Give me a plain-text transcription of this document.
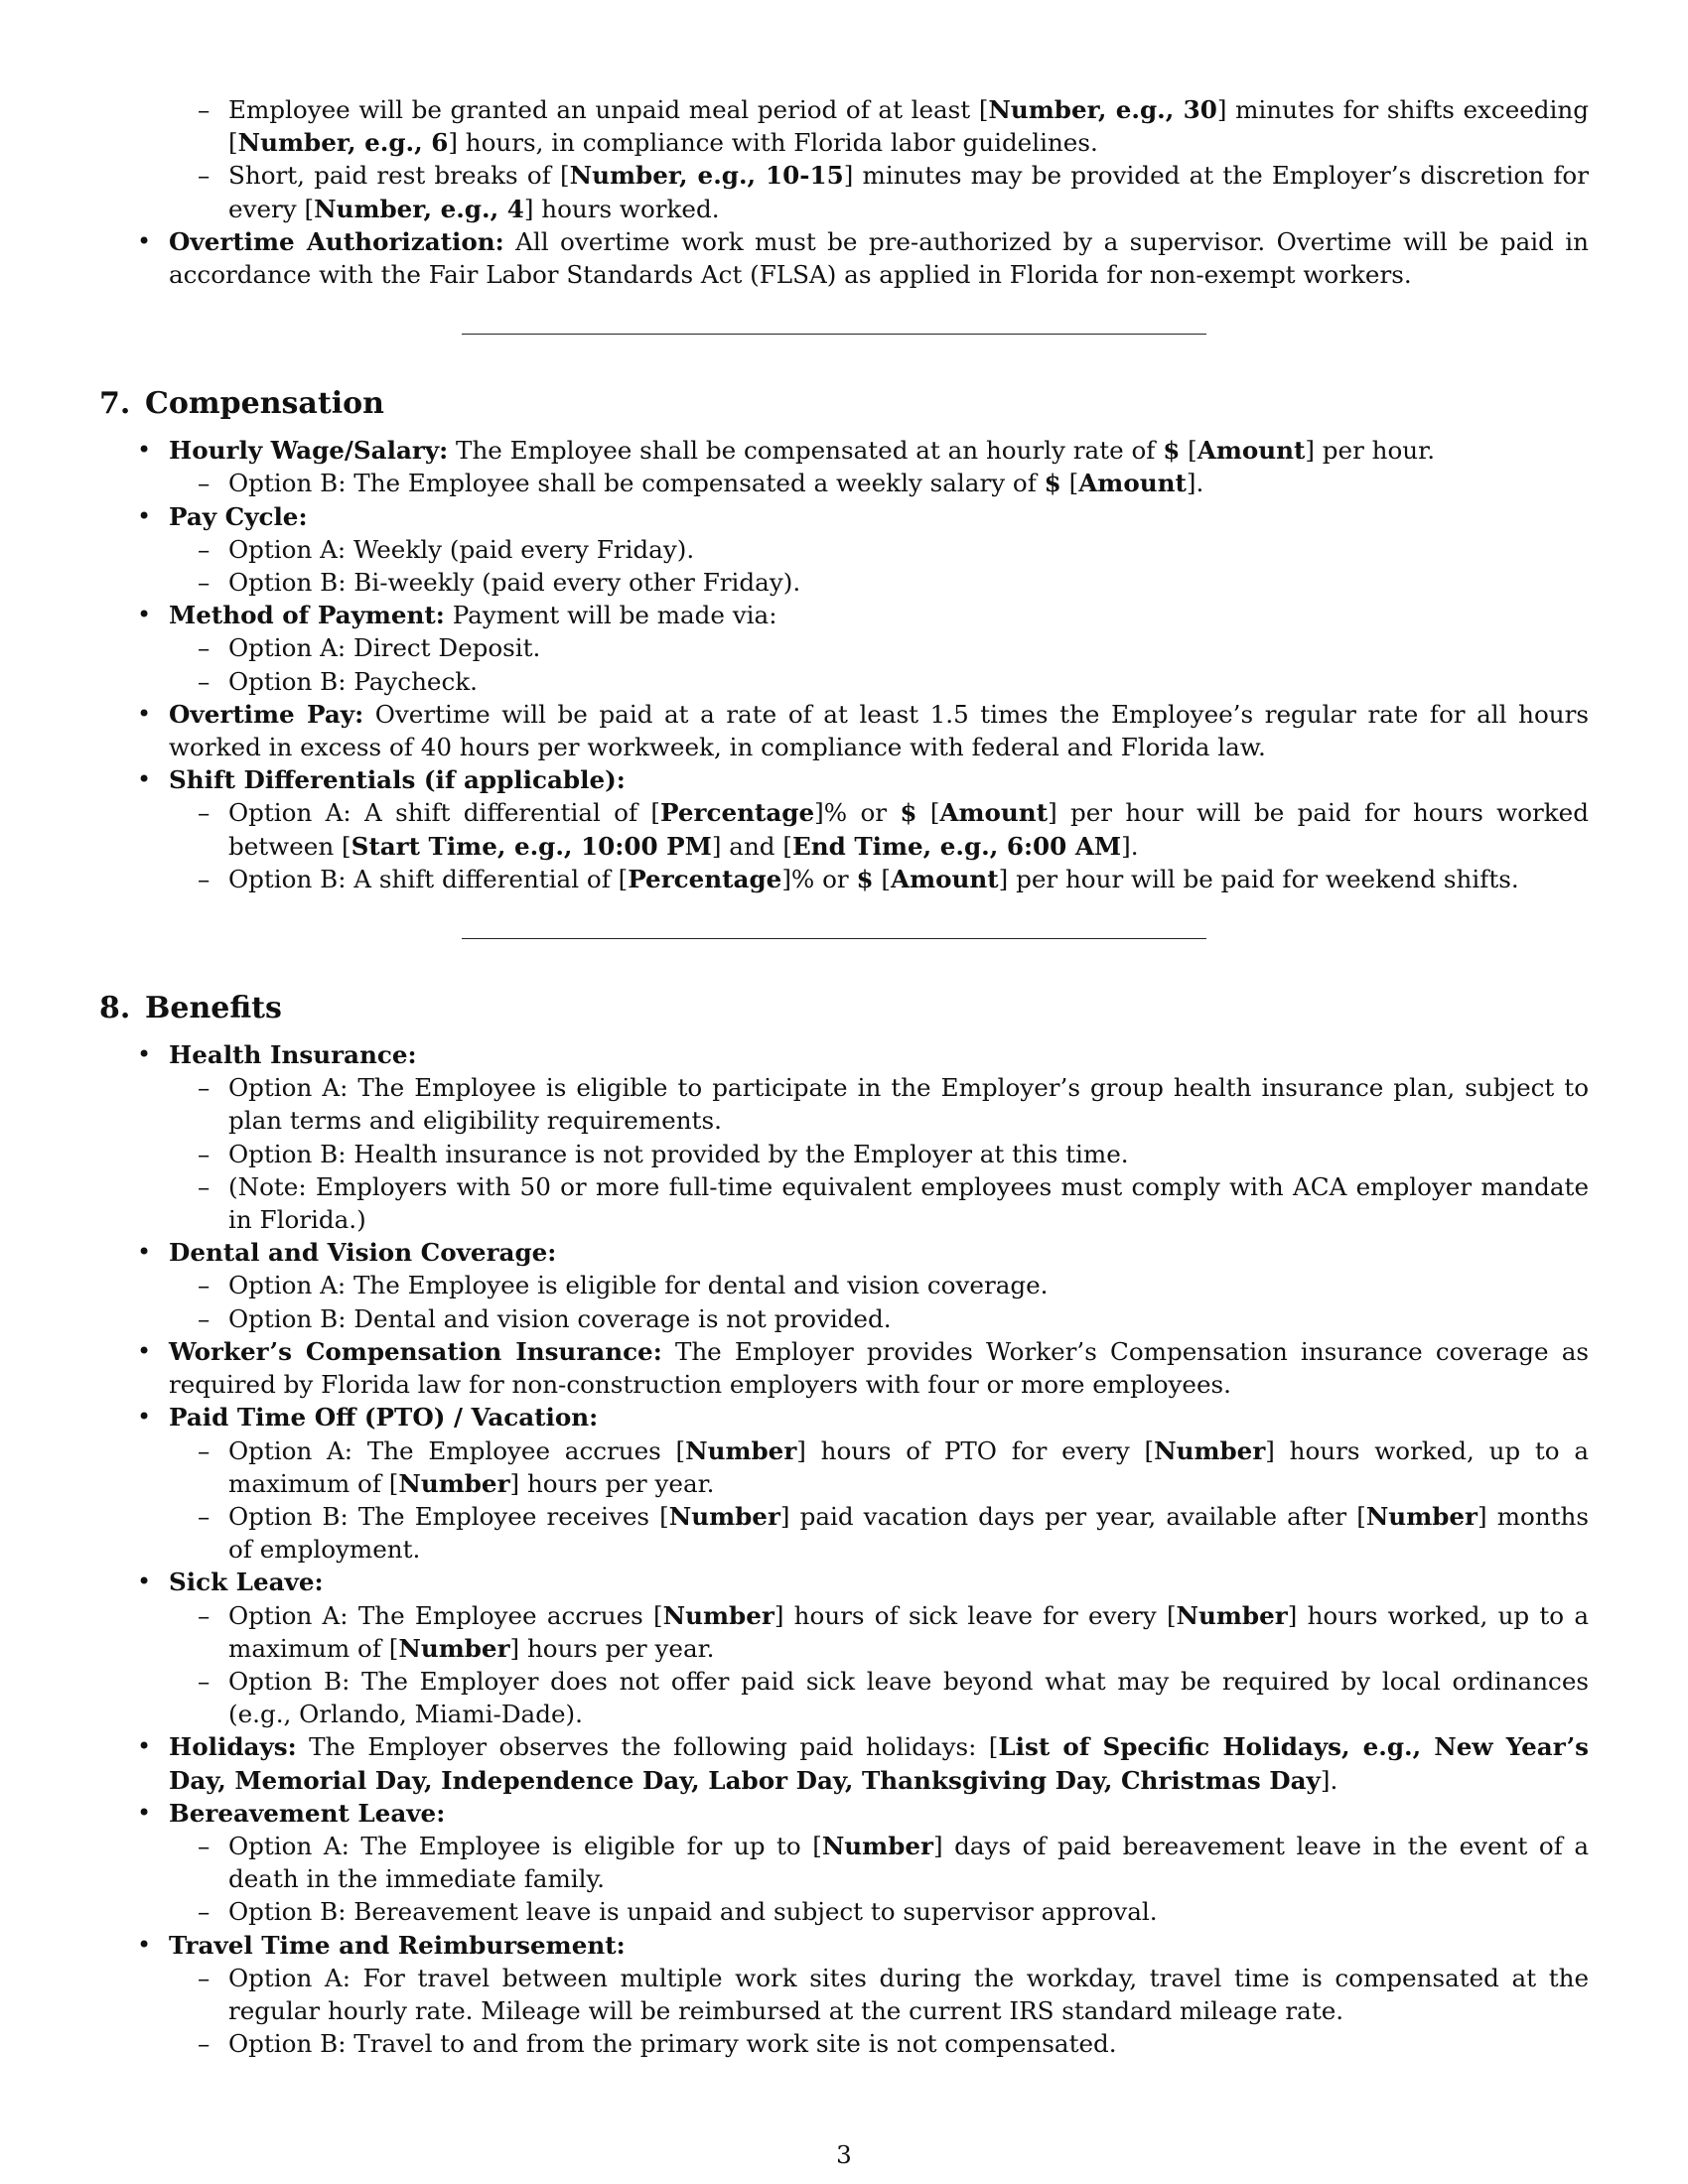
– Employee will be granted an unpaid meal period of at least [Number, e.g., 30] minutes for shifts exceeding [Number, e.g., 6] hours, in compliance with Florida labor guidelines.
– Short, paid rest breaks of [Number, e.g., 10-15] minutes may be provided at the Employer’s discretion for every [Number, e.g., 4] hours worked.
• Overtime Authorization: All overtime work must be pre-authorized by a supervisor. Overtime will be paid in accordance with the Fair Labor Standards Act (FLSA) as applied in Florida for non-exempt workers.
7. Compensation
• Hourly Wage/Salary: The Employee shall be compensated at an hourly rate of $ [Amount] per hour.
– Option B: The Employee shall be compensated a weekly salary of $ [Amount].
• Pay Cycle:
– Option A: Weekly (paid every Friday).
– Option B: Bi-weekly (paid every other Friday).
• Method of Payment: Payment will be made via:
– Option A: Direct Deposit.
– Option B: Paycheck.
• Overtime Pay: Overtime will be paid at a rate of at least 1.5 times the Employee’s regular rate for all hours worked in excess of 40 hours per workweek, in compliance with federal and Florida law.
• Shift Differentials (if applicable):
– Option A: A shift differential of [Percentage]% or $ [Amount] per hour will be paid for hours worked between [Start Time, e.g., 10:00 PM] and [End Time, e.g., 6:00 AM].
– Option B: A shift differential of [Percentage]% or $ [Amount] per hour will be paid for weekend shifts.
8. Benefits
• Health Insurance:
– Option A: The Employee is eligible to participate in the Employer’s group health insurance plan, subject to plan terms and eligibility requirements.
– Option B: Health insurance is not provided by the Employer at this time.
– (Note: Employers with 50 or more full-time equivalent employees must comply with ACA employer mandate in Florida.)
• Dental and Vision Coverage:
– Option A: The Employee is eligible for dental and vision coverage.
– Option B: Dental and vision coverage is not provided.
• Worker’s Compensation Insurance: The Employer provides Worker’s Compensation insurance coverage as required by Florida law for non-construction employers with four or more employees.
• Paid Time Off (PTO) / Vacation:
– Option A: The Employee accrues [Number] hours of PTO for every [Number] hours worked, up to a maximum of [Number] hours per year.
– Option B: The Employee receives [Number] paid vacation days per year, available after [Number] months of employment.
• Sick Leave:
– Option A: The Employee accrues [Number] hours of sick leave for every [Number] hours worked, up to a maximum of [Number] hours per year.
– Option B: The Employer does not offer paid sick leave beyond what may be required by local ordinances (e.g., Orlando, Miami-Dade).
• Holidays: The Employer observes the following paid holidays: [List of Specific Holidays, e.g., New Year’s Day, Memorial Day, Independence Day, Labor Day, Thanksgiving Day, Christmas Day].
• Bereavement Leave:
– Option A: The Employee is eligible for up to [Number] days of paid bereavement leave in the event of a death in the immediate family.
– Option B: Bereavement leave is unpaid and subject to supervisor approval.
• Travel Time and Reimbursement:
– Option A: For travel between multiple work sites during the workday, travel time is compensated at the regular hourly rate. Mileage will be reimbursed at the current IRS standard mileage rate.
– Option B: Travel to and from the primary work site is not compensated.
3
